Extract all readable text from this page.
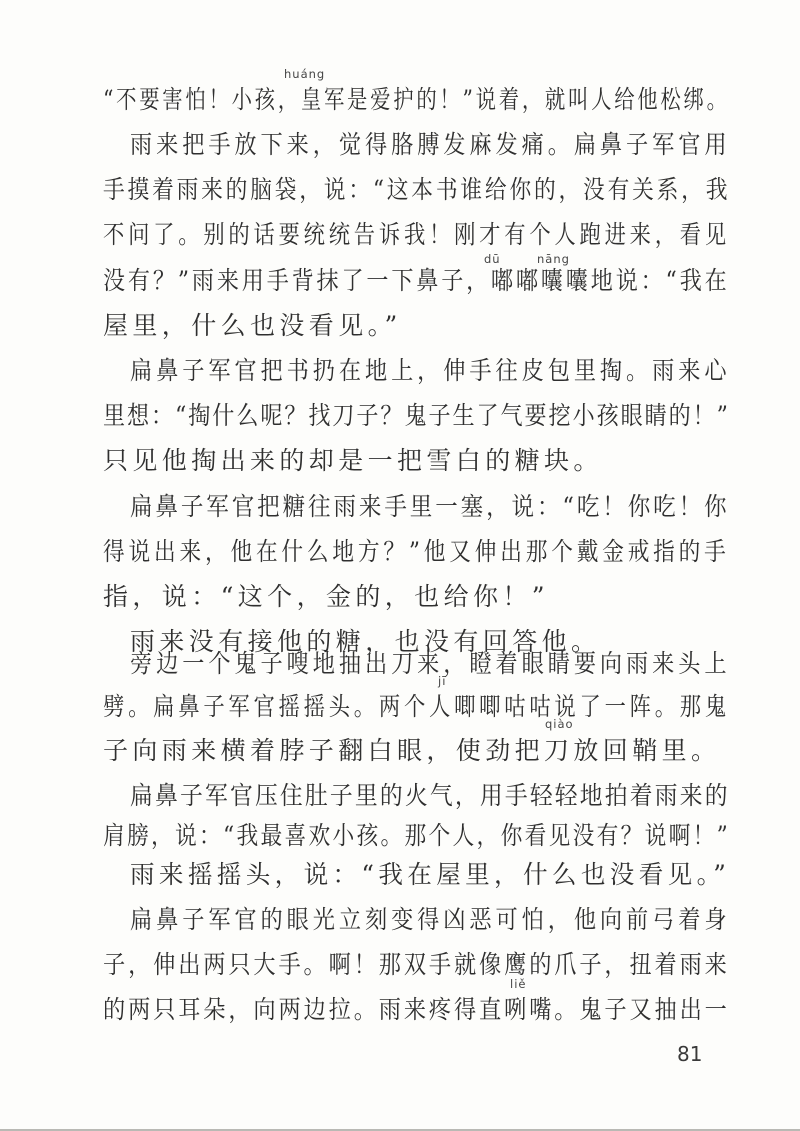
huáng
dū	nāng
jī
qiào
liě
“不要害怕！小孩，皇军是爱护的！”说着，就叫人给他松绑。
雨来把手放下来，觉得胳膊发麻发痛。扁鼻子军官用
手摸着雨来的脑袋，说：“这本书谁给你的，没有关系，我
不问了。别的话要统统告诉我！刚才有个人跑进来，看见
没有？”雨来用手背抹了一下鼻子，嘟嘟囔囔地说：“我在
屋里，什么也没看见。”
扁鼻子军官把书扔在地上，伸手往皮包里掏。雨来心
里想：“掏什么呢？找刀子？鬼子生了气要挖小孩眼睛的！”
只见他掏出来的却是一把雪白的糖块。
扁鼻子军官把糖往雨来手里一塞，说：“吃！你吃！你
得说出来，他在什么地方？”他又伸出那个戴金戒指的手
指，说：“这个，金的，也给你！”
雨来没有接他的糖，也没有回答他。
旁边一个鬼子嗖地抽出刀来，瞪着眼睛要向雨来头上
劈。扁鼻子军官摇摇头。两个人唧唧咕咕说了一阵。那鬼
子向雨来横着脖子翻白眼，使劲把刀放回鞘里。
扁鼻子军官压住肚子里的火气，用手轻轻地拍着雨来的
肩膀，说：“我最喜欢小孩。那个人，你看见没有？说啊！”
雨来摇摇头，说：“我在屋里，什么也没看见。”
扁鼻子军官的眼光立刻变得凶恶可怕，他向前弓着身
子，伸出两只大手。啊！那双手就像鹰的爪子，扭着雨来
的两只耳朵，向两边拉。雨来疼得直咧嘴。鬼子又抽出一
81
